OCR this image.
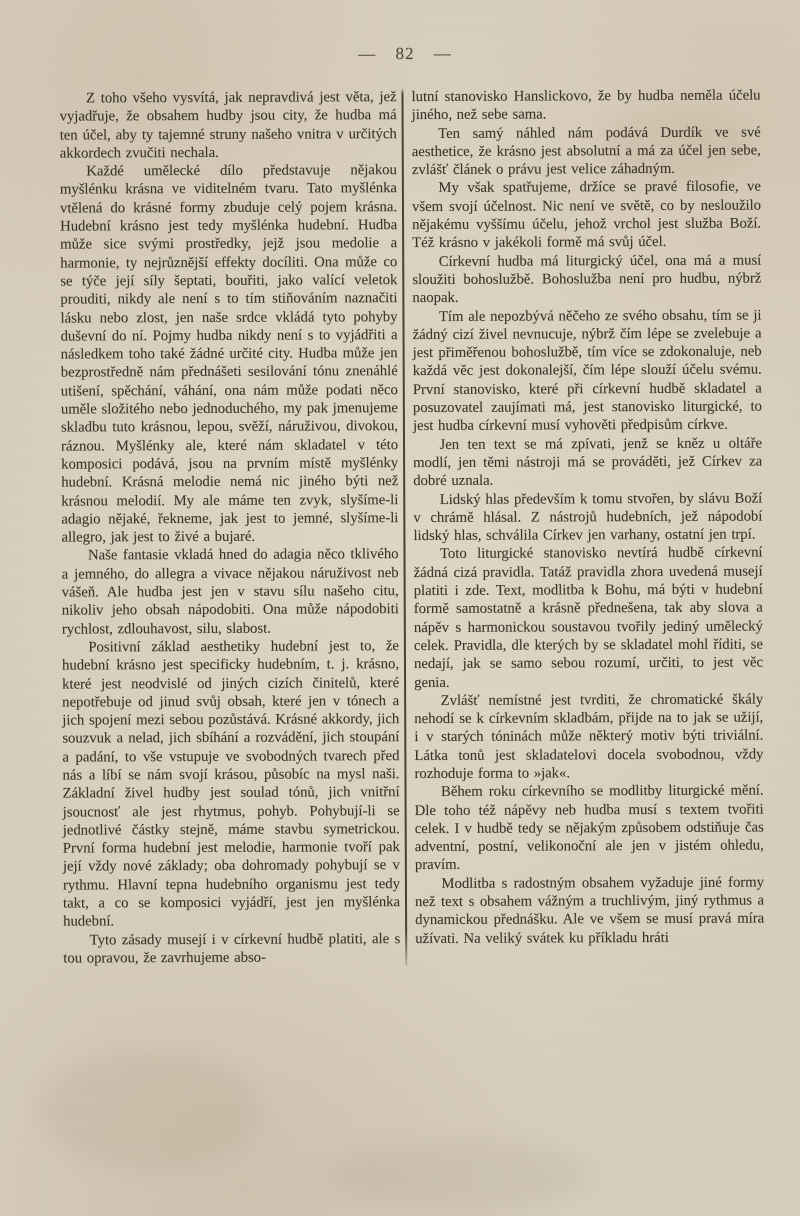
— 82 —

Z toho všeho vysvítá, jak nepravdivá jest věta, jež vyjadřuje, že obsahem hudby jsou city, že hudba má ten účel, aby ty tajemné struny našeho vnitra v určitých akkordech zvučiti nechala.

Každé umělecké dílo představuje nějakou myšlénku krásna ve viditelném tvaru. Tato myšlénka vtělená do krásné formy zbuduje celý pojem krásna. Hudební krásno jest tedy myšlénka hudební. Hudba může sice svými prostředky, jejž jsou medolie a harmonie, ty nejrůznější effekty docíliti. Ona může co se týče její síly šeptati, bouřiti, jako valící veletok prouditi, nikdy ale není s to tím stiňováním naznačiti lásku nebo zlost, jen naše srdce vkládá tyto pohyby duševní do ní. Pojmy hudba nikdy není s to vyjádřiti a následkem toho také žádné určité city. Hudba může jen bezprostředně nám přednášeti sesilování tónu znenáhlé utišení, spěchání, váhání, ona nám může podati něco uměle složitého nebo jednoduchého, my pak jmenujeme skladbu tuto krásnou, lepou, svěží, náruživou, divokou, ráznou. Myšlénky ale, které nám skladatel v této komposici podává, jsou na prvním místě myšlénky hudební. Krásná melodie nemá nic jiného býti než krásnou melodií. My ale máme ten zvyk, slyšíme-li adagio nějaké, řekneme, jak jest to jemné, slyšíme-li allegro, jak jest to živé a bujaré.

Naše fantasie vkladá hned do adagia něco tklivého a jemného, do allegra a vivace nějakou náruživost neb vášeň. Ale hudba jest jen v stavu sílu našeho citu, nikoliv jeho obsah nápodobiti. Ona může nápodobiti rychlost, zdlouhavost, silu, slabost.

Positivní základ aesthetiky hudební jest to, že hudební krásno jest specificky hudebním, t. j. krásno, které jest neodvislé od jiných cizích činitelů, které nepotřebuje od jinud svůj obsah, které jen v tónech a jich spojení mezi sebou pozůstává. Krásné akkordy, jich souzvuk a nelad, jich sbíhání a rozvádění, jich stoupání a padání, to vše vstupuje ve svobodných tvarech před nás a líbí se nám svojí krásou, působíc na mysl naši. Základní živel hudby jest soulad tónů, jich vnitřní jsoucnosť ale jest rhytmus, pohyb. Pohybují-li se jednotlivé částky stejně, máme stavbu symetrickou. První forma hudební jest melodie, harmonie tvoří pak její vždy nové základy; oba dohromady pohybují se v rythmu. Hlavní tepna hudebního organismu jest tedy takt, a co se komposici vyjádří, jest jen myšlénka hudební.

Tyto zásady musejí i v církevní hudbě platiti, ale s tou opravou, že zavrhujeme abso-

lutní stanovisko Hanslickovo, že by hudba neměla účelu jiného, než sebe sama.

Ten samý náhled nám podává Durdík ve své aesthetice, že krásno jest absolutní a má za účel jen sebe, zvlášť článek o právu jest velice záhadným.

My však spatřujeme, držíce se pravé filosofie, ve všem svojí účelnost. Nic není ve světě, co by nesloužilo nějakému vyššímu účelu, jehož vrchol jest služba Boží. Též krásno v jakékoli formě má svůj účel.

Církevní hudba má liturgický účel, ona má a musí sloužiti bohoslužbě. Bohoslužba není pro hudbu, nýbrž naopak.

Tím ale nepozbývá něčeho ze svého obsahu, tím se ji žádný cizí živel nevnucuje, nýbrž čím lépe se zvelebuje a jest přiměřenou bohoslužbě, tím více se zdokonaluje, neb každá věc jest dokonalejší, čím lépe slouží účelu svému. První stanovisko, které při církevní hudbě skladatel a posuzovatel zaujímati má, jest stanovisko liturgické, to jest hudba církevní musí vyhověti předpisům církve.

Jen ten text se má zpívati, jenž se kněz u oltáře modlí, jen těmi nástroji má se prováděti, jež Církev za dobré uznala.

Lidský hlas především k tomu stvořen, by slávu Boží v chrámě hlásal. Z nástrojů hudebních, jež nápodobí lidský hlas, schválila Církev jen varhany, ostatní jen trpí.

Toto liturgické stanovisko nevtírá hudbě církevní žádná cizá pravidla. Tatáž pravidla zhora uvedená musejí platiti i zde. Text, modlitba k Bohu, má býti v hudební formě samostatně a krásně přednešena, tak aby slova a nápěv s harmonickou soustavou tvořily jediný umělecký celek. Pravidla, dle kterých by se skladatel mohl říditi, se nedají, jak se samo sebou rozumí, určiti, to jest věc genia.

Zvlášť nemístné jest tvrditi, že chromatické škály nehodí se k církevním skladbám, přijde na to jak se užijí, i v starých tóninách může některý motiv býti triviální. Látka tonů jest skladatelovi docela svobodnou, vždy rozhoduje forma to »jak«.

Během roku církevního se modlitby liturgické mění. Dle toho též nápěvy neb hudba musí s textem tvořiti celek. I v hudbě tedy se nějakým způsobem odstiňuje čas adventní, postní, velikonoční ale jen v jistém ohledu, pravím.

Modlitba s radostným obsahem vyžaduje jiné formy než text s obsahem vážným a truchlivým, jiný rythmus a dynamickou přednášku. Ale ve všem se musí pravá míra užívati. Na veliký svátek ku příkladu hráti
